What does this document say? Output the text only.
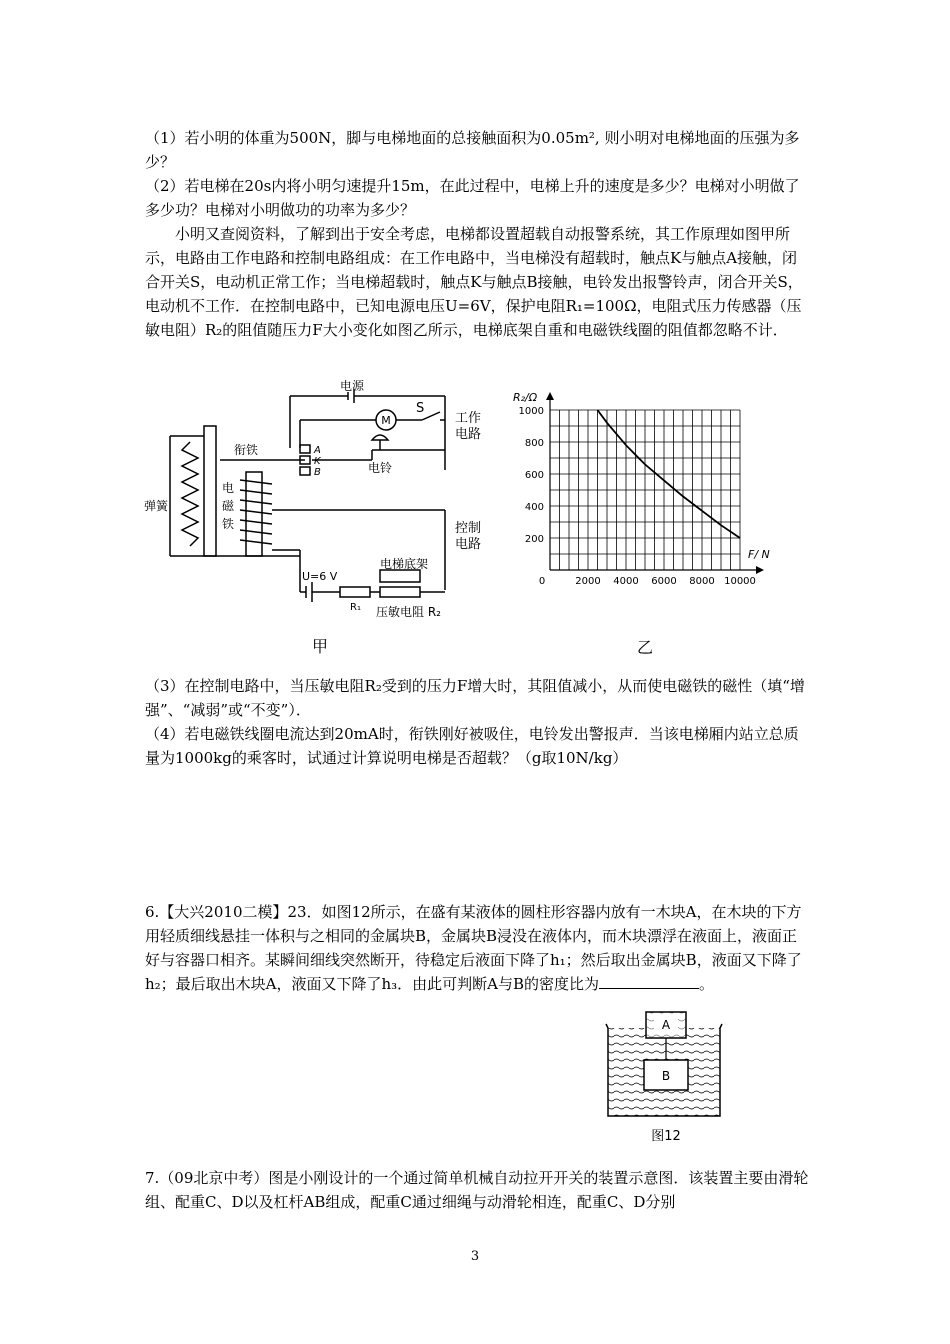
（1）若小明的体重为500N，脚与电梯地面的总接触面积为0.05m², 则小明对电梯地面的压强为多少？
（2）若电梯在20s内将小明匀速提升15m，在此过程中，电梯上升的速度是多少？电梯对小明做了多少功？电梯对小明做功的功率为多少？
小明又查阅资料，了解到出于安全考虑，电梯都设置超载自动报警系统，其工作原理如图甲所示，电路由工作电路和控制电路组成：在工作电路中，当电梯没有超载时，触点K与触点A接触，闭合开关S，电动机正常工作；当电梯超载时，触点K与触点B接触，电铃发出报警铃声，闭合开关S，电动机不工作．在控制电路中，已知电源电压U=6V，保护电阻R₁=100Ω，电阻式压力传感器（压敏电阻）R₂的阻值随压力F大小变化如图乙所示，电梯底架自重和电磁铁线圈的阻值都忽略不计．
电源
M
S
工作
电路
衔铁	A
K
B	电铃
弹簧
电
磁
铁	控制
电路
电梯底架
U=6 V
R₁ 压敏电阻 R₂
甲
0	2000 4000 6000 8000 10000
200
400
600
800
1000
R₂/Ω
F/ N
乙
（3）在控制电路中，当压敏电阻R₂受到的压力F增大时，其阻值减小，从而使电磁铁的磁性（填“增强”、“减弱”或“不变”）．
（4）若电磁铁线圈电流达到20mA时，衔铁刚好被吸住，电铃发出警报声．当该电梯厢内站立总质量为1000kg的乘客时，试通过计算说明电梯是否超载？（g取10N/kg）
6.【大兴2010二模】23．如图12所示，在盛有某液体的圆柱形容器内放有一木块A，在木块的下方用轻质细线悬挂一体积与之相同的金属块B，金属块B浸没在液体内，而木块漂浮在液面上，液面正好与容器口相齐。某瞬间细线突然断开，待稳定后液面下降了h₁；然后取出金属块B，液面又下降了h₂；最后取出木块A，液面又下降了h₃．由此可判断A与B的密度比为	。
A
B
图12
7.（09北京中考）图是小刚设计的一个通过简单机械自动拉开开关的装置示意图．该装置主要由滑轮组、配重C、D以及杠杆AB组成，配重C通过细绳与动滑轮相连，配重C、D分别
3
